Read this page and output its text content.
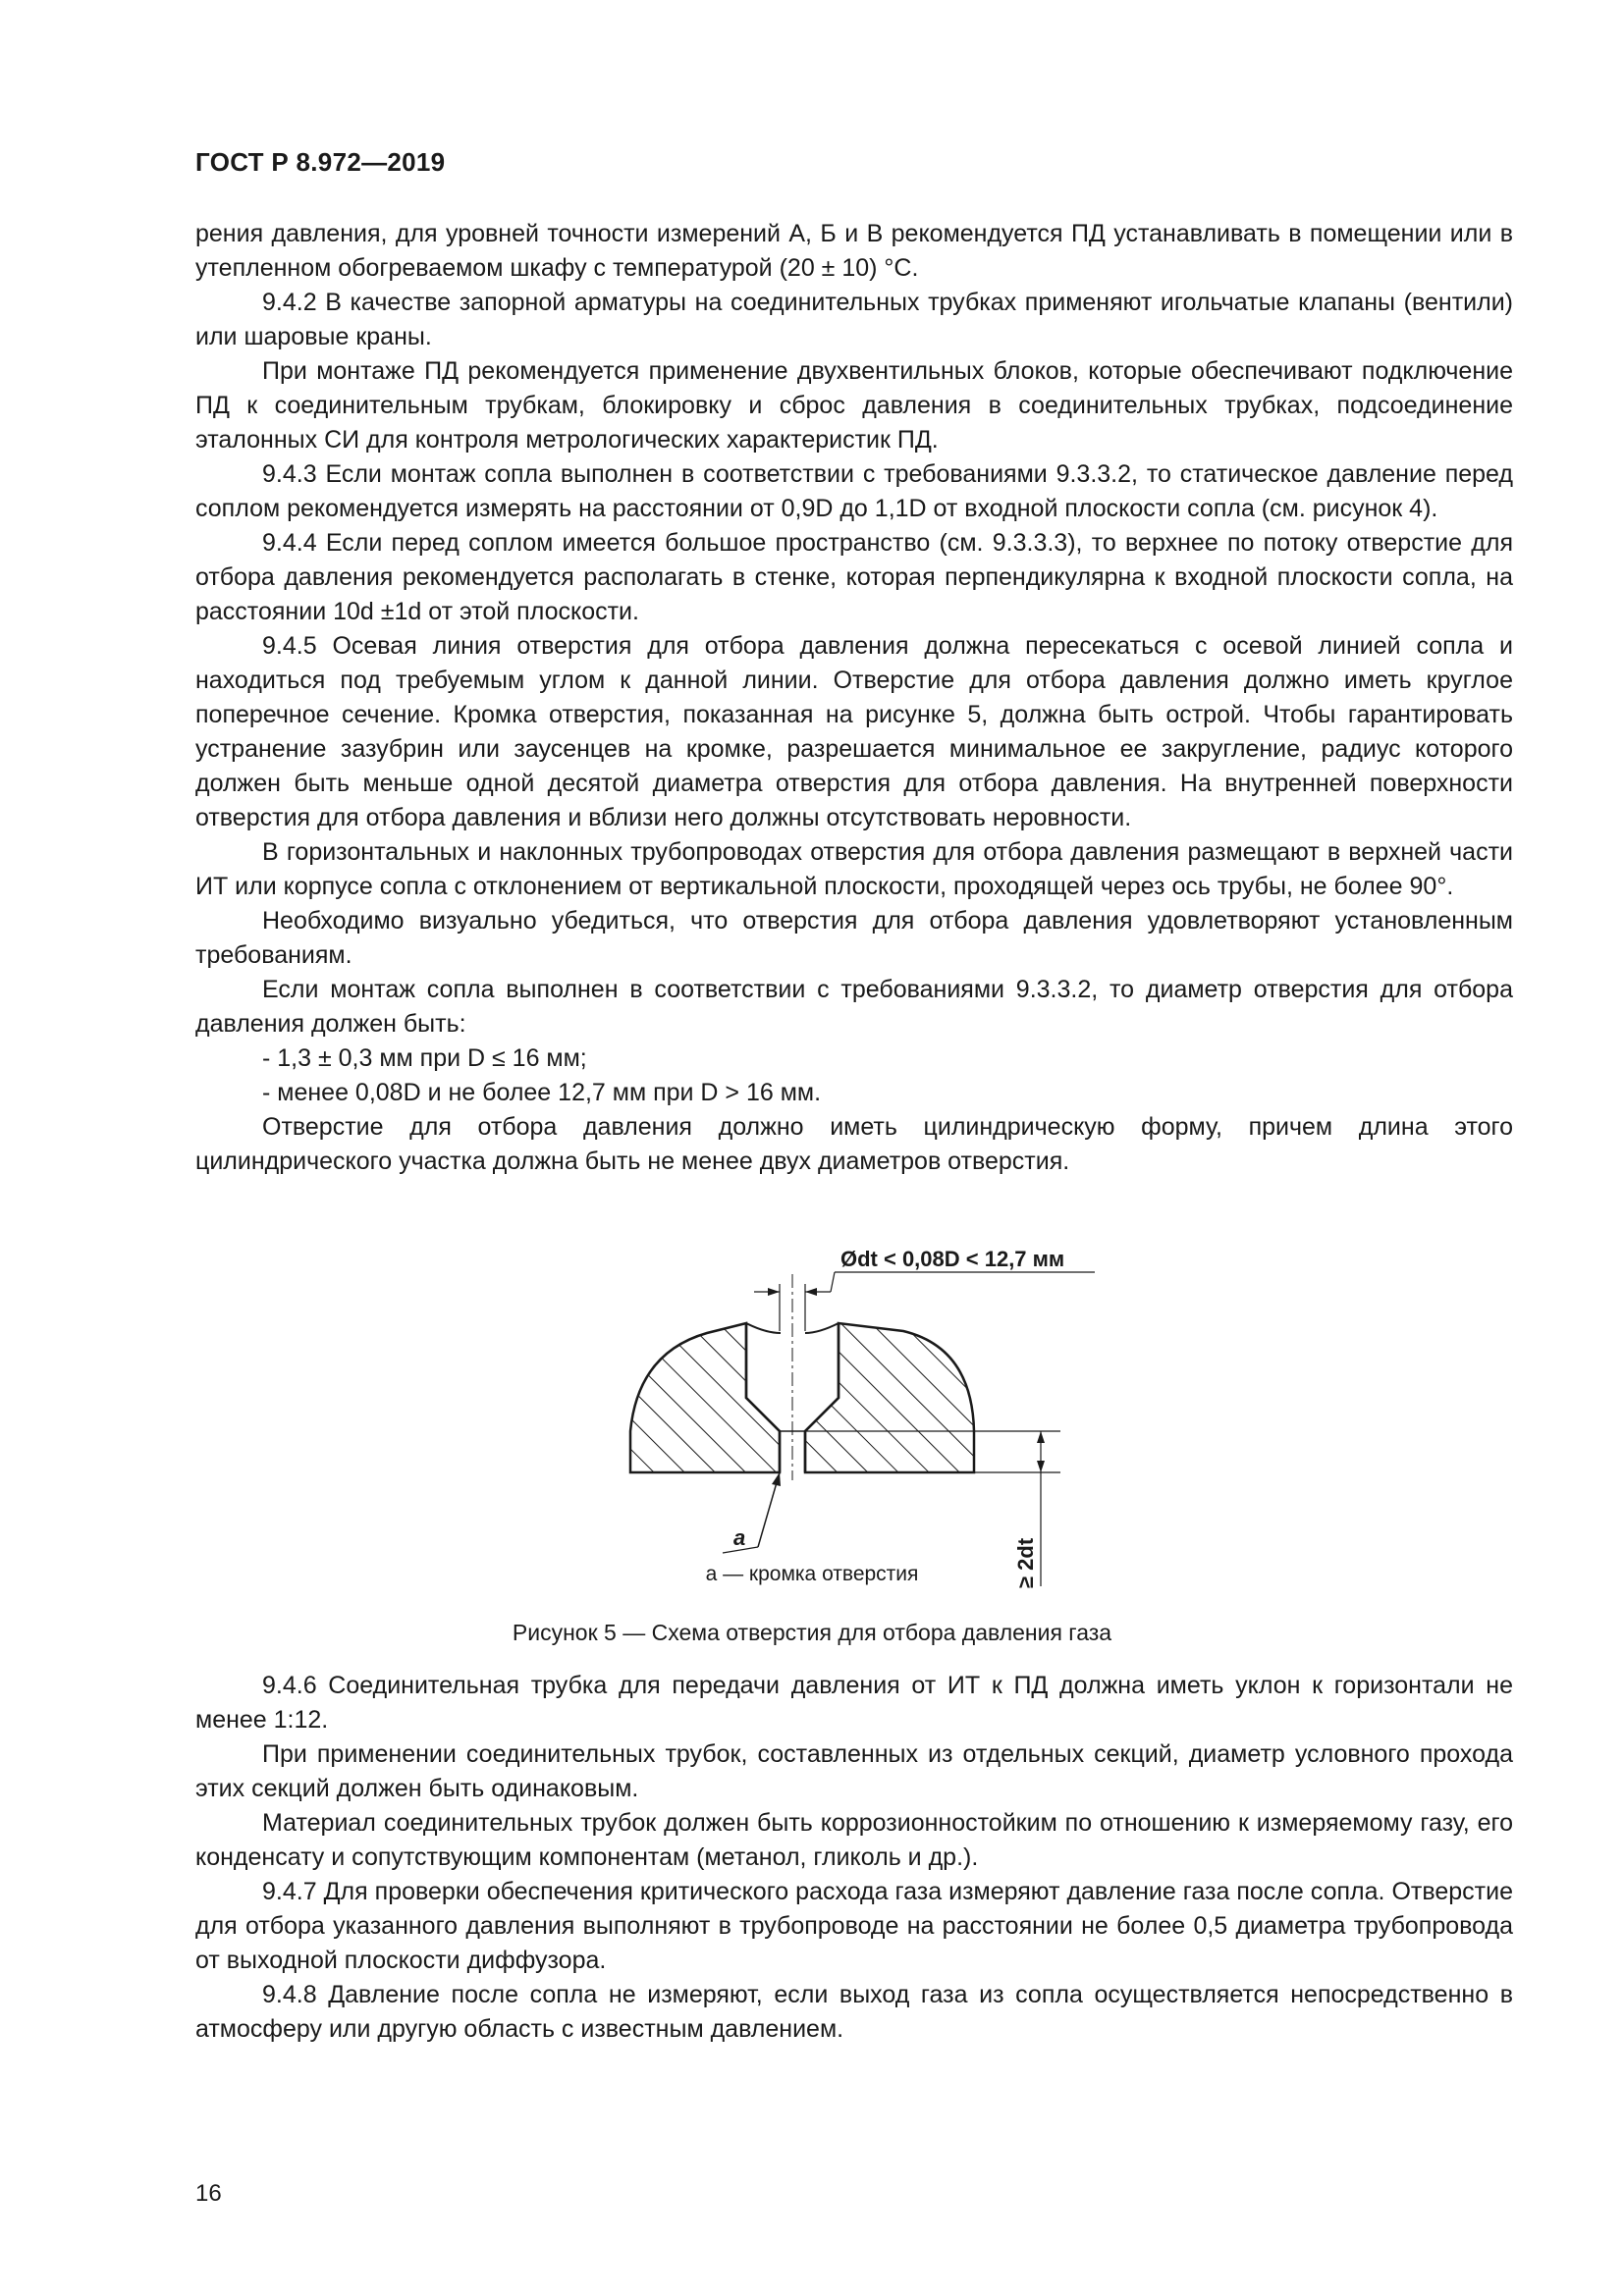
ГОСТ Р 8.972—2019

рения давления, для уровней точности измерений А, Б и В рекомендуется ПД устанавливать в помещении или в утепленном обогреваемом шкафу с температурой (20 ± 10) °C.

9.4.2 В качестве запорной арматуры на соединительных трубках применяют игольчатые клапаны (вентили) или шаровые краны.

При монтаже ПД рекомендуется применение двухвентильных блоков, которые обеспечивают подключение ПД к соединительным трубкам, блокировку и сброс давления в соединительных трубках, подсоединение эталонных СИ для контроля метрологических характеристик ПД.

9.4.3 Если монтаж сопла выполнен в соответствии с требованиями 9.3.3.2, то статическое давление перед соплом рекомендуется измерять на расстоянии от 0,9D до 1,1D от входной плоскости сопла (см. рисунок 4).

9.4.4 Если перед соплом имеется большое пространство (см. 9.3.3.3), то верхнее по потоку отверстие для отбора давления рекомендуется располагать в стенке, которая перпендикулярна к входной плоскости сопла, на расстоянии 10d ±1d от этой плоскости.

9.4.5 Осевая линия отверстия для отбора давления должна пересекаться с осевой линией сопла и находиться под требуемым углом к данной линии. Отверстие для отбора давления должно иметь круглое поперечное сечение. Кромка отверстия, показанная на рисунке 5, должна быть острой. Чтобы гарантировать устранение зазубрин или заусенцев на кромке, разрешается минимальное ее закругление, радиус которого должен быть меньше одной десятой диаметра отверстия для отбора давления. На внутренней поверхности отверстия для отбора давления и вблизи него должны отсутствовать неровности.

В горизонтальных и наклонных трубопроводах отверстия для отбора давления размещают в верхней части ИТ или корпусе сопла с отклонением от вертикальной плоскости, проходящей через ось трубы, не более 90°.

Необходимо визуально убедиться, что отверстия для отбора давления удовлетворяют установленным требованиям.

Если монтаж сопла выполнен в соответствии с требованиями 9.3.3.2, то диаметр отверстия для отбора давления должен быть:

- 1,3 ± 0,3 мм при D ≤ 16 мм;

- менее 0,08D и не более 12,7 мм при D > 16 мм.

Отверстие для отбора давления должно иметь цилиндрическую форму, причем длина этого цилиндрического участка должна быть не менее двух диаметров отверстия.

Ødt < 0,08D < 12,7 мм
≥ 2dt
a
a — кромка отверстия
Рисунок 5 — Схема отверстия для отбора давления газа

9.4.6 Соединительная трубка для передачи давления от ИТ к ПД должна иметь уклон к горизонтали не менее 1:12.

При применении соединительных трубок, составленных из отдельных секций, диаметр условного прохода этих секций должен быть одинаковым.

Материал соединительных трубок должен быть коррозионностойким по отношению к измеряемому газу, его конденсату и сопутствующим компонентам (метанол, гликоль и др.).

9.4.7 Для проверки обеспечения критического расхода газа измеряют давление газа после сопла. Отверстие для отбора указанного давления выполняют в трубопроводе на расстоянии не более 0,5 диаметра трубопровода от выходной плоскости диффузора.

9.4.8 Давление после сопла не измеряют, если выход газа из сопла осуществляется непосредственно в атмосферу или другую область с известным давлением.

16
